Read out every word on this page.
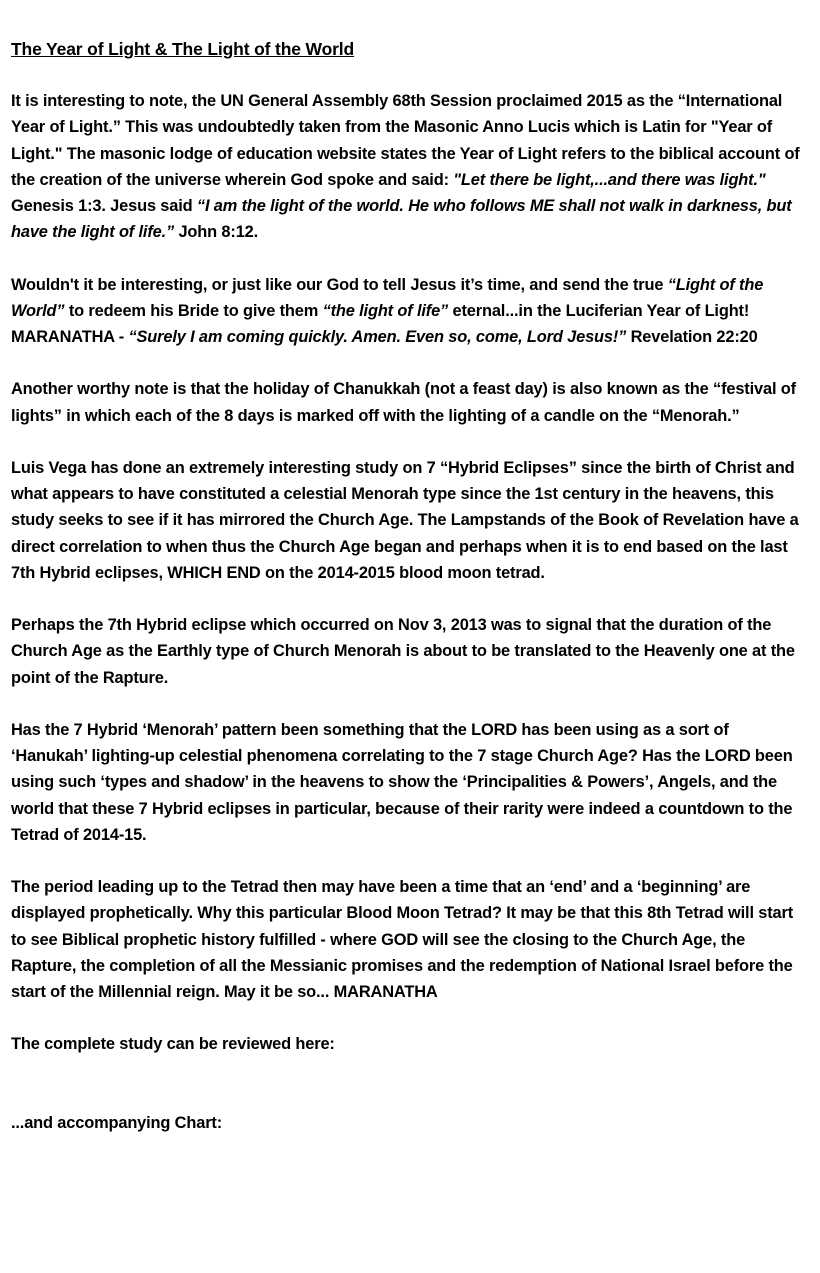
The Year of Light & The Light of the World

It is interesting to note, the UN General Assembly 68th Session proclaimed 2015 as the “International Year of Light.” This was undoubtedly taken from the Masonic Anno Lucis which is Latin for "Year of Light." The masonic lodge of education website states the Year of Light refers to the biblical account of the creation of the universe wherein God spoke and said: "Let there be light,...and there was light." Genesis 1:3. Jesus said “I am the light of the world. He who follows ME shall not walk in darkness, but have the light of life.” John 8:12.

Wouldn't it be interesting, or just like our God to tell Jesus it’s time, and send the true “Light of the World” to redeem his Bride to give them “the light of life” eternal...in the Luciferian Year of Light! MARANATHA - “Surely I am coming quickly. Amen. Even so, come, Lord Jesus!” Revelation 22:20

Another worthy note is that the holiday of Chanukkah (not a feast day) is also known as the “festival of lights” in which each of the 8 days is marked off with the lighting of a candle on the “Menorah.”

Luis Vega has done an extremely interesting study on 7 “Hybrid Eclipses” since the birth of Christ and what appears to have constituted a celestial Menorah type since the 1st century in the heavens, this study seeks to see if it has mirrored the Church Age. The Lampstands of the Book of Revelation have a direct correlation to when thus the Church Age began and perhaps when it is to end based on the last 7th Hybrid eclipses, WHICH END on the 2014-2015 blood moon tetrad.

Perhaps the 7th Hybrid eclipse which occurred on Nov 3, 2013 was to signal that the duration of the Church Age as the Earthly type of Church Menorah is about to be translated to the Heavenly one at the point of the Rapture.

Has the 7 Hybrid ‘Menorah’ pattern been something that the LORD has been using as a sort of ‘Hanukah’ lighting-up celestial phenomena correlating to the 7 stage Church Age? Has the LORD been using such ‘types and shadow’ in the heavens to show the ‘Principalities & Powers’, Angels, and the world that these 7 Hybrid eclipses in particular, because of their rarity were indeed a countdown to the Tetrad of 2014-15.

The period leading up to the Tetrad then may have been a time that an ‘end’ and a ‘beginning’ are displayed prophetically. Why this particular Blood Moon Tetrad? It may be that this 8th Tetrad will start to see Biblical prophetic history fulfilled - where GOD will see the closing to the Church Age, the Rapture, the completion of all the Messianic promises and the redemption of National Israel before the start of the Millennial reign. May it be so... MARANATHA

The complete study can be reviewed here:

...and accompanying Chart:
